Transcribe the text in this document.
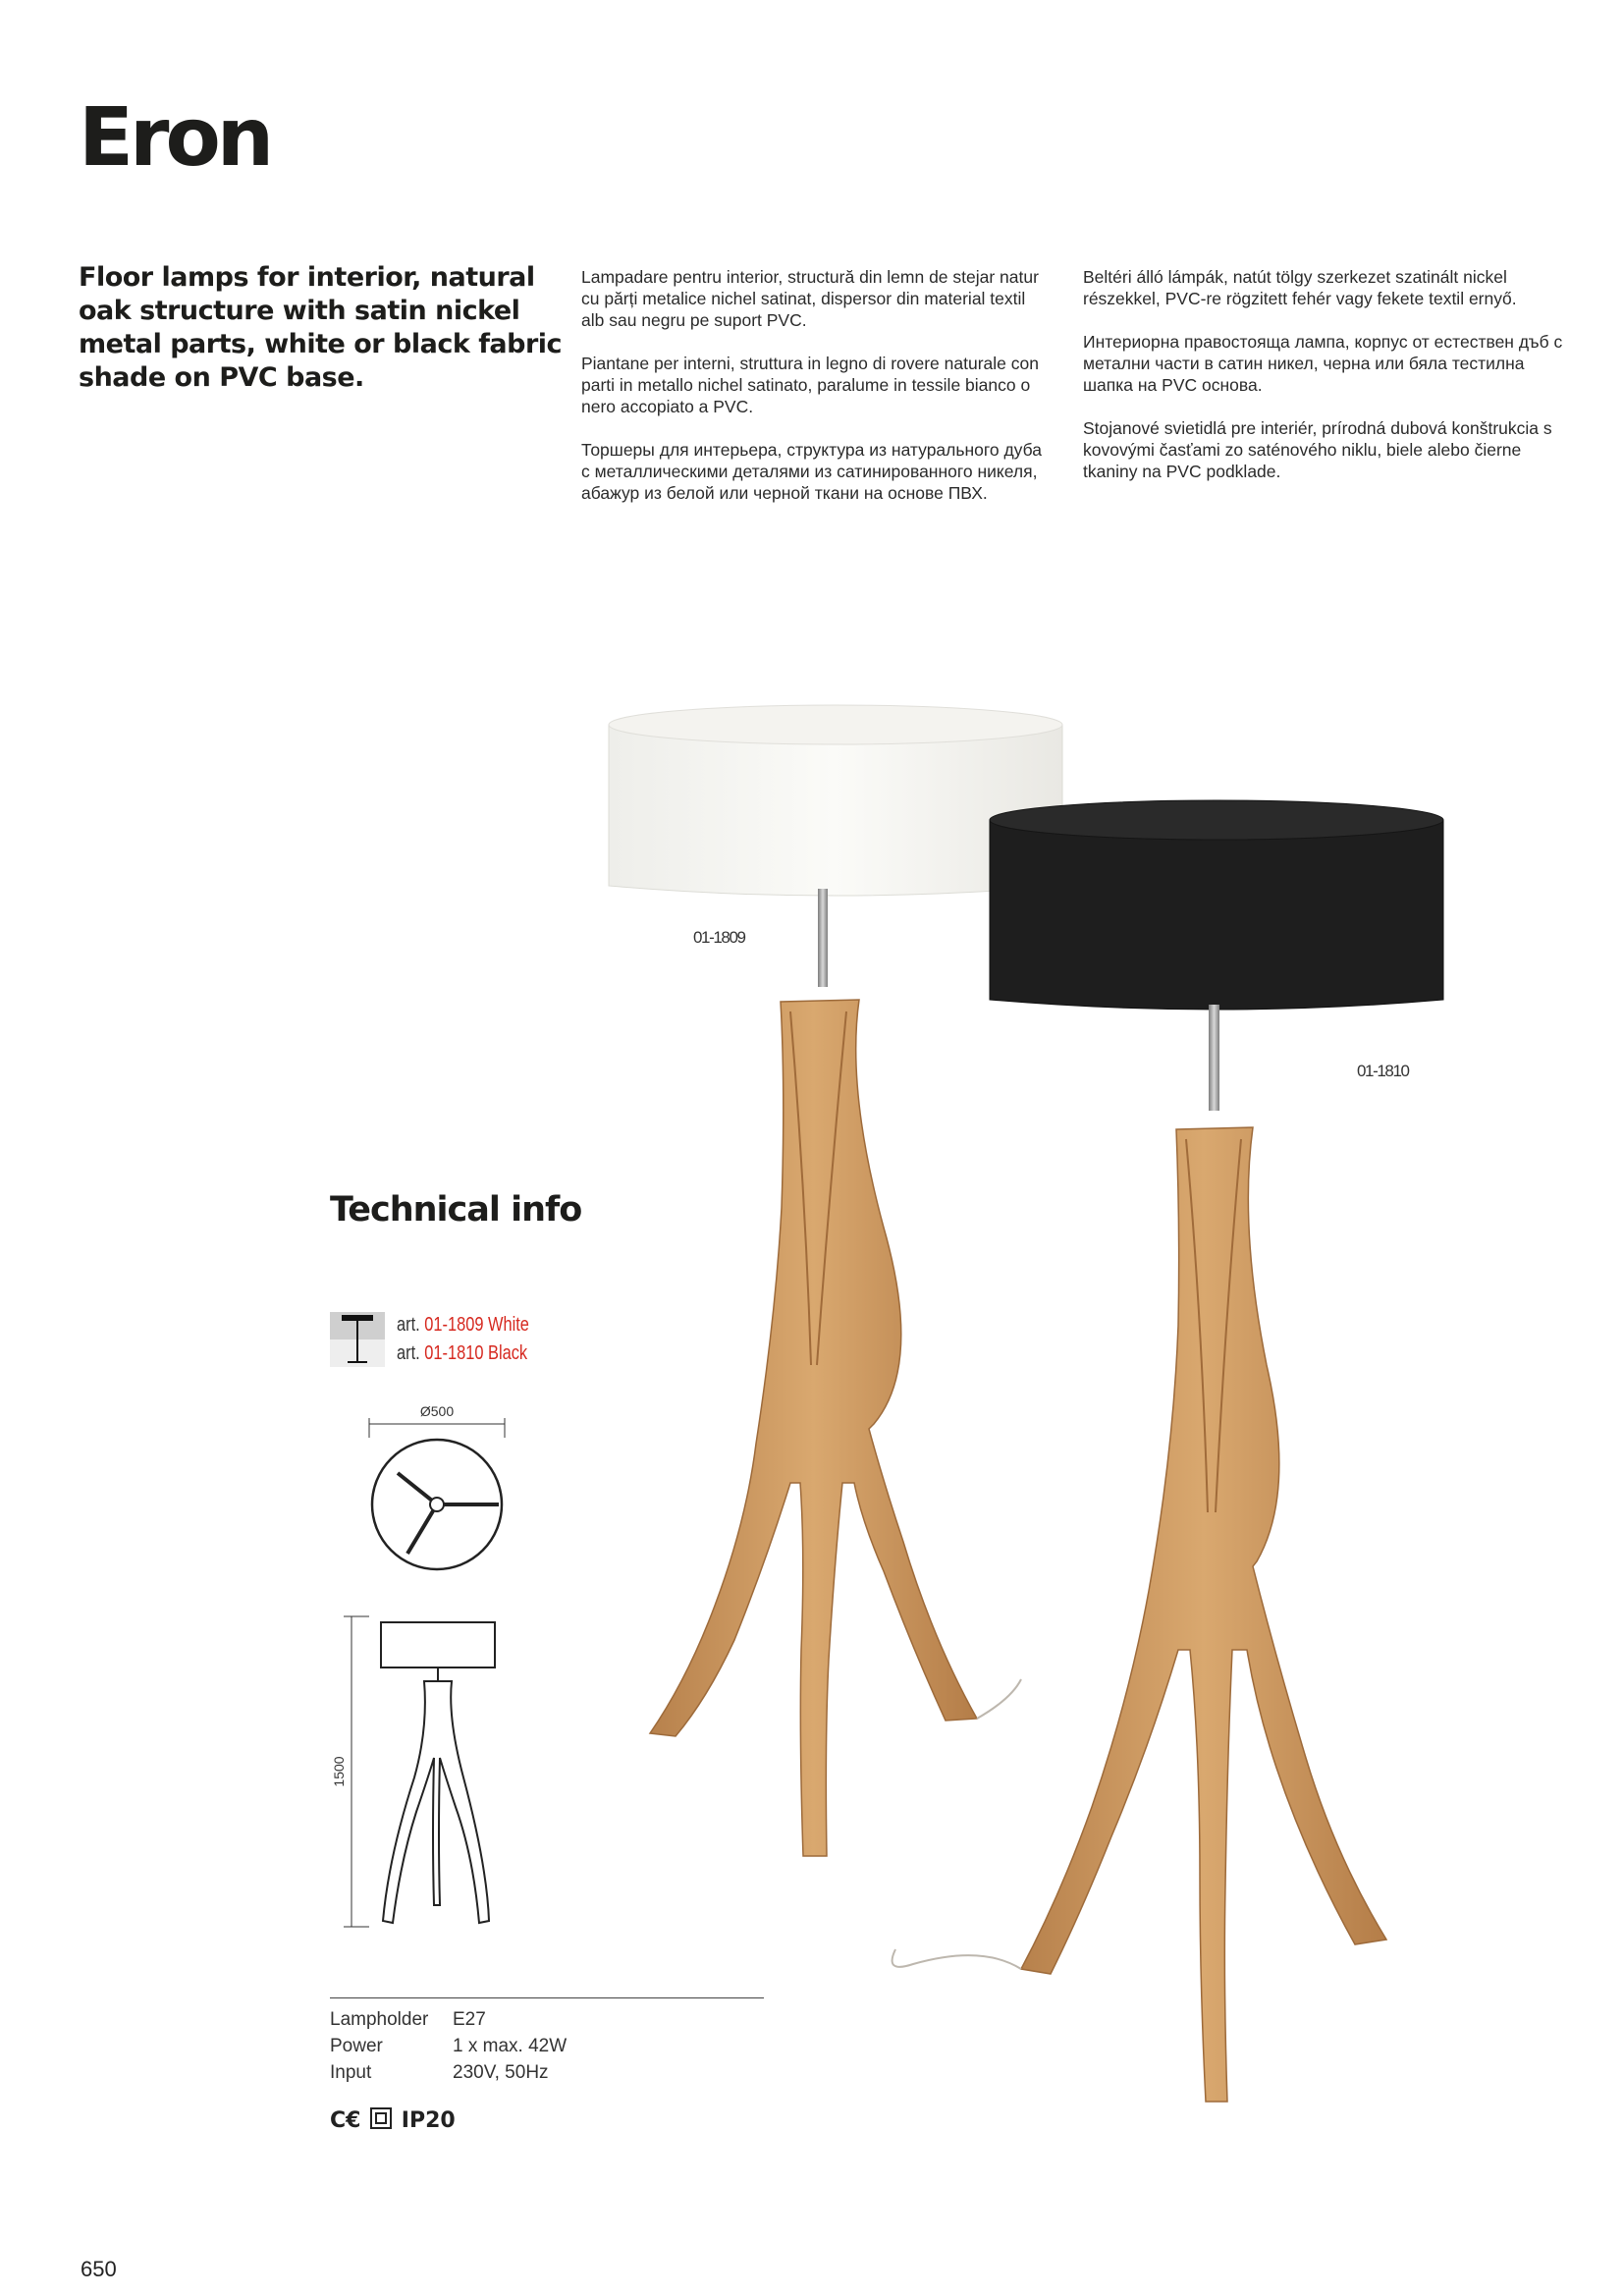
Eron
Floor lamps for interior, natural oak structure with satin nickel metal parts, white or black fabric shade on PVC base.

Lampadare pentru interior, structură din lemn de stejar natur cu părți metalice nichel satinat, dispersor din material textil alb sau negru pe suport PVC.

Piantane per interni, struttura in legno di rovere naturale con parti in metallo nichel satinato, paralume in tessile bianco o nero accopiato a PVC.

Торшеры для интерьера, структура из натурального дуба с металлическими деталями из сатинированного никеля, абажур из белой или черной ткани на основе ПВХ.

Beltéri álló lámpák, natút tölgy szerkezet szatinált nickel részekkel, PVC-re rögzitett fehér vagy fekete textil ernyő.

Интериорна правостояща лампа, корпус от естествен дъб с метални части в сатин никел, черна или бяла тестилна шапка на PVC основа.

Stojanové svietidlá pre interiér, prírodná dubová konštrukcia s kovovými časťami zo saténového niklu, biele alebo čierne tkaniny na PVC podklade.

01-1809
01-1810
Technical info
art. 01-1809 White
art. 01-1810 Black
Ø500
1500
Lampholder	E27
Power	1 x max. 42W
Input	230V, 50Hz
C€ IP20
650
